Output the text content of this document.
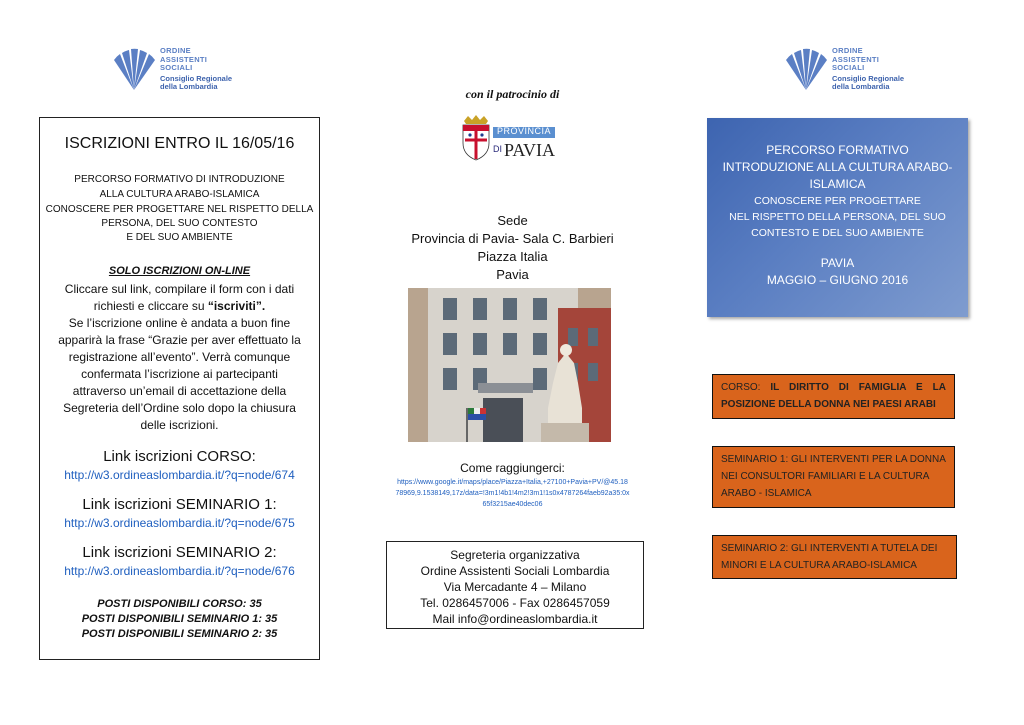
ORDINE
ASSISTENTI
SOCIALI
Consiglio Regionale
della Lombardia
ORDINE
ASSISTENTI
SOCIALI
Consiglio Regionale
della Lombardia
ISCRIZIONI ENTRO IL 16/05/16
PERCORSO FORMATIVO DI INTRODUZIONE
ALLA CULTURA ARABO-ISLAMICA
CONOSCERE PER PROGETTARE NEL RISPETTO DELLA
PERSONA, DEL SUO CONTESTO
E DEL SUO AMBIENTE
SOLO ISCRIZIONI ON-LINE
Cliccare sul link, compilare il form con i dati
richiesti e cliccare su “iscriviti”.
Se l’iscrizione online è andata a buon fine
apparirà la frase “Grazie per aver effettuato la
registrazione all’evento”. Verrà comunque
confermata l’iscrizione ai partecipanti
attraverso un’email di accettazione della
Segreteria dell’Ordine solo dopo la chiusura
delle iscrizioni.
Link iscrizioni CORSO:
http://w3.ordineaslombardia.it/?q=node/674
Link iscrizioni SEMINARIO 1:
http://w3.ordineaslombardia.it/?q=node/675
Link iscrizioni SEMINARIO 2:
http://w3.ordineaslombardia.it/?q=node/676
POSTI DISPONIBILI CORSO: 35
POSTI DISPONIBILI SEMINARIO 1: 35
POSTI DISPONIBILI SEMINARIO 2: 35
con il patrocinio di
PROVINCIA
DI PAVIA
Sede
Provincia di Pavia- Sala C. Barbieri
Piazza Italia
Pavia
Come raggiungerci:
https://www.google.it/maps/place/Piazza+Italia,+27100+Pavia+PV/@45.18
78969,9.1538149,17z/data=!3m1!4b1!4m2!3m1!1s0x4787264faeb92a35:0x
65f3215ae40dec06
Segreteria organizzativa
Ordine Assistenti Sociali Lombardia
Via Mercadante 4 – Milano
Tel. 0286457006 - Fax 0286457059
Mail info@ordineaslombardia.it
PERCORSO FORMATIVO
INTRODUZIONE ALLA CULTURA ARABO-
ISLAMICA
CONOSCERE PER PROGETTARE
NEL RISPETTO DELLA PERSONA, DEL SUO
CONTESTO E DEL SUO AMBIENTE
PAVIA
MAGGIO – GIUGNO 2016
CORSO: IL DIRITTO DI FAMIGLIA E LA POSIZIONE DELLA DONNA NEI PAESI ARABI
SEMINARIO 1: GLI INTERVENTI PER LA DONNA NEI CONSULTORI FAMILIARI E LA CULTURA ARABO - ISLAMICA
SEMINARIO 2: GLI INTERVENTI A TUTELA DEI MINORI E LA CULTURA ARABO-ISLAMICA
